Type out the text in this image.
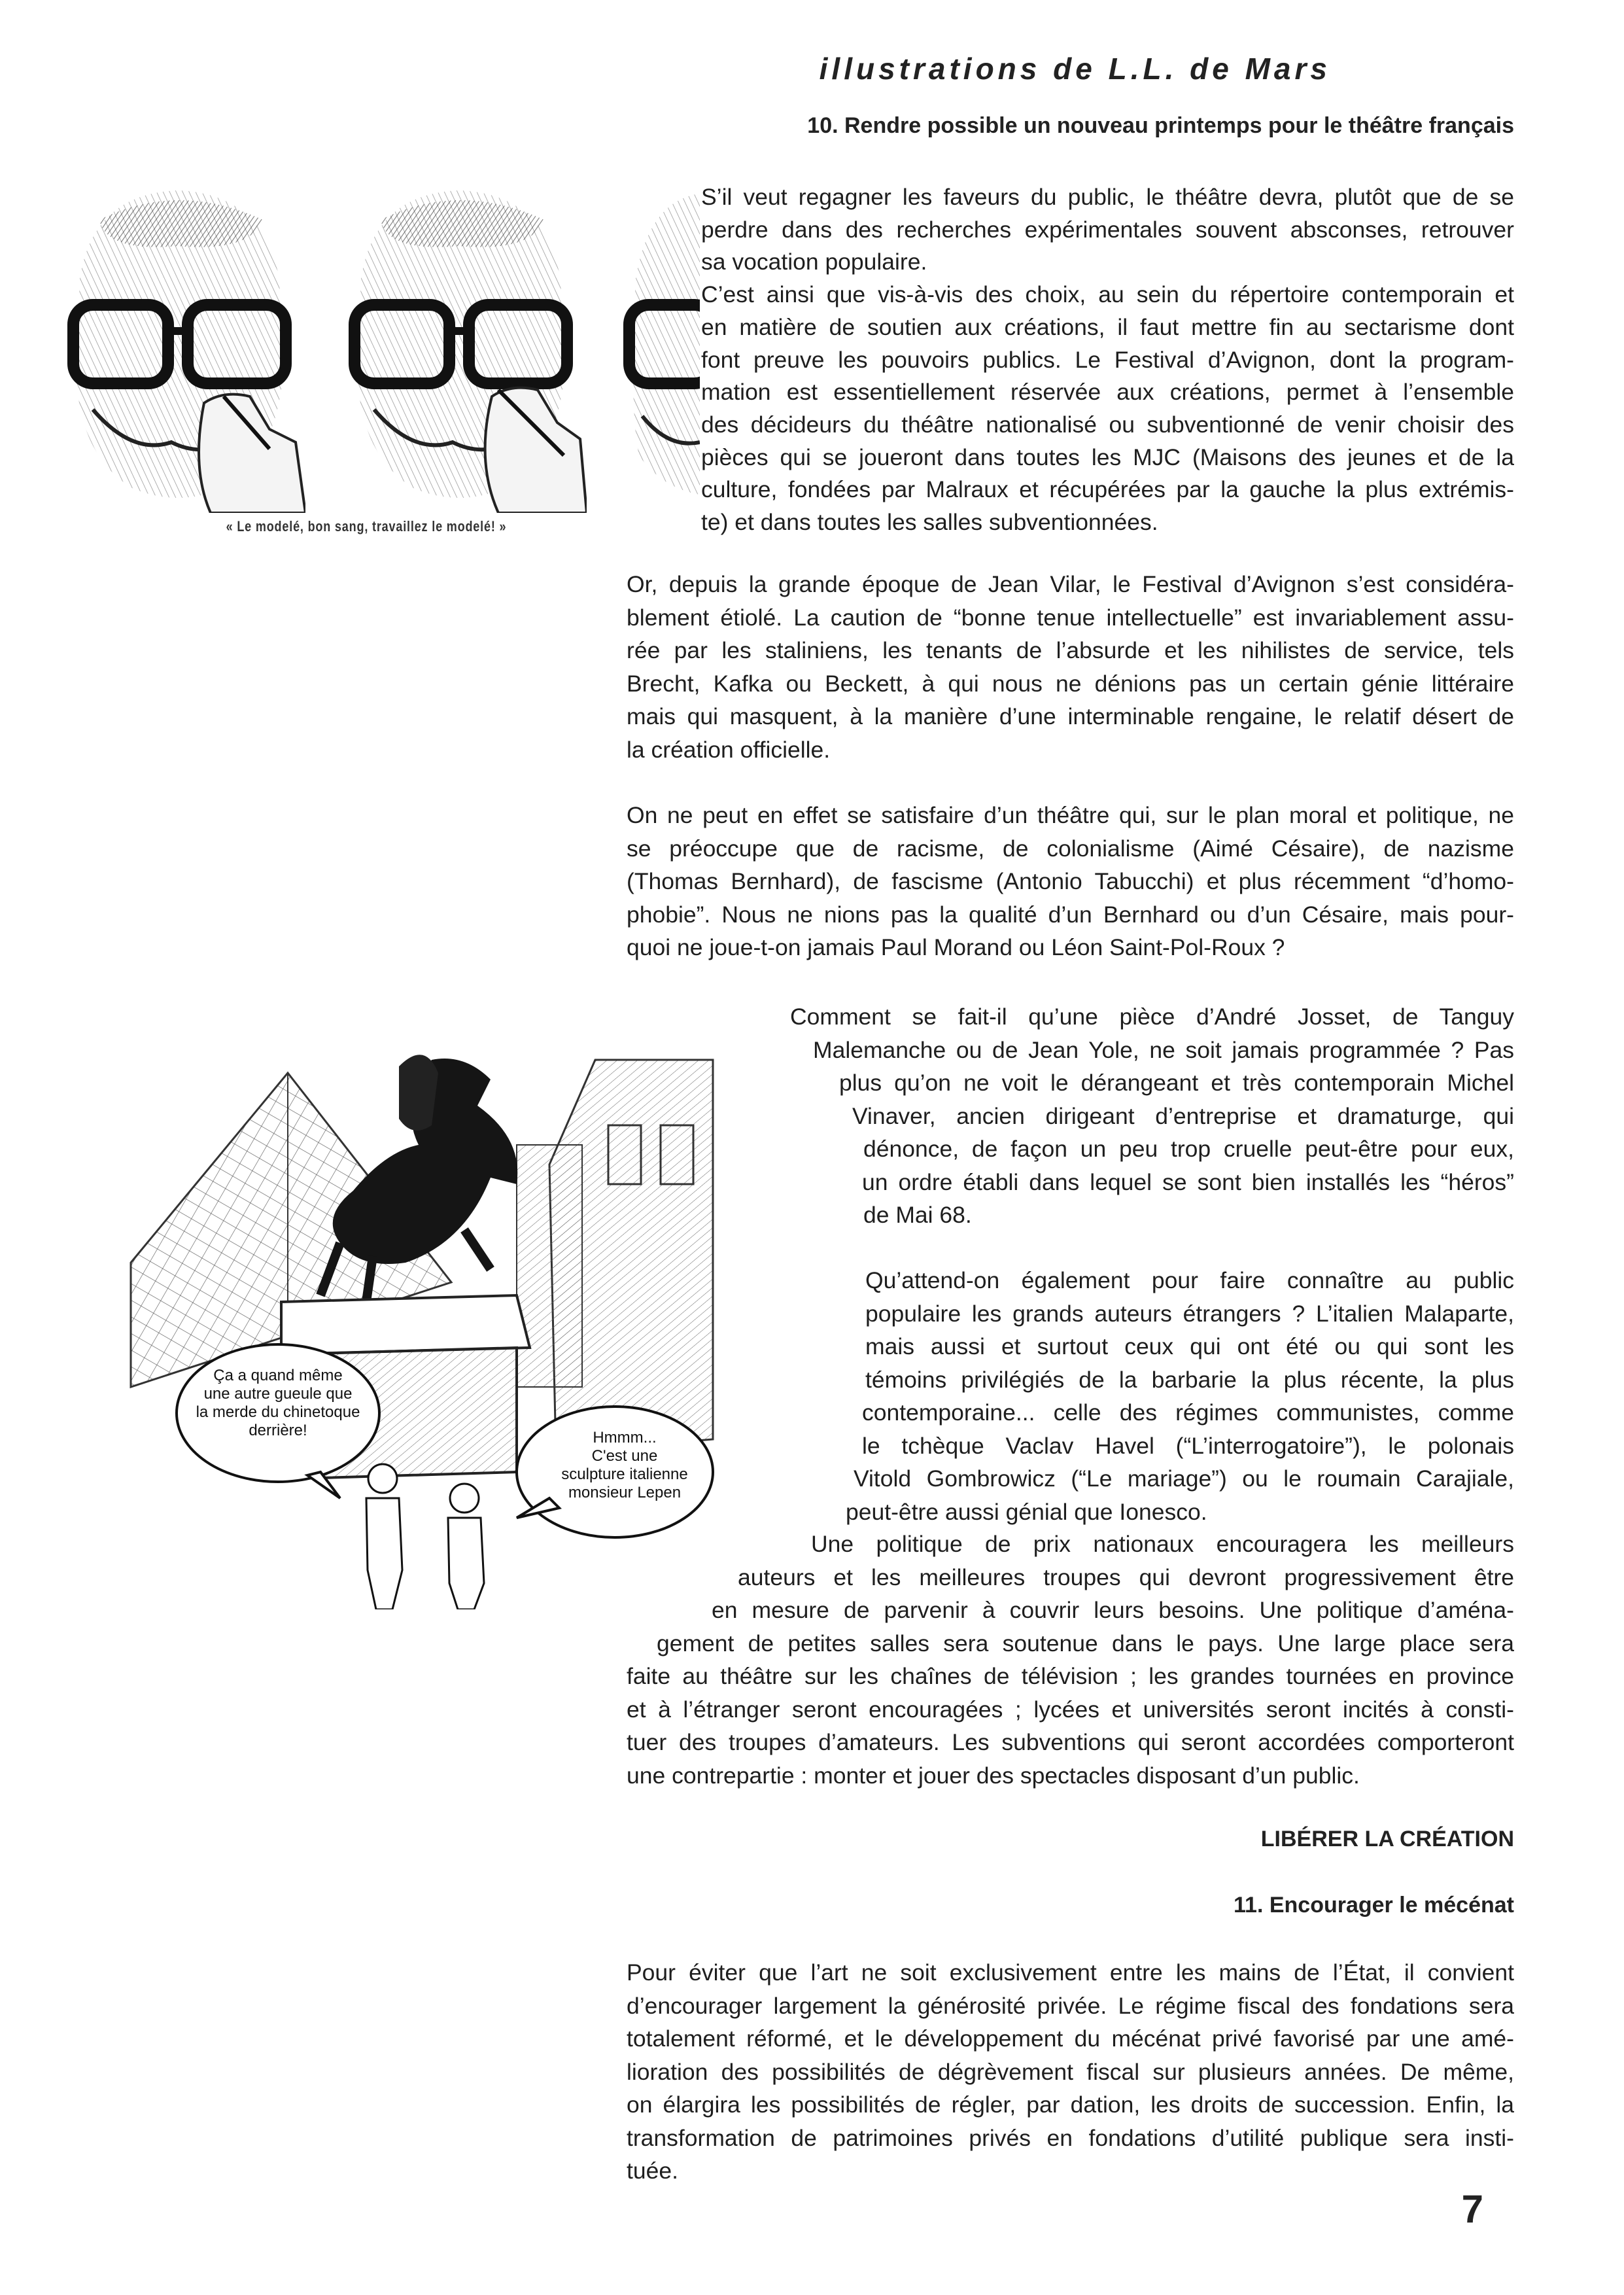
illustrations de L.L. de Mars
10. Rendre possible un nouveau printemps pour le théâtre français
« Le modelé, bon sang, travaillez le modelé! »
S’il veut regagner les faveurs du public, le théâtre devra, plutôt que de se
perdre dans des recherches expérimentales souvent absconses, retrouver
sa vocation populaire.
C’est ainsi que vis-à-vis des choix, au sein du répertoire contemporain et
en matière de soutien aux créations, il faut mettre fin au sectarisme dont
font preuve les pouvoirs publics. Le Festival d’Avignon, dont la program-
mation est essentiellement réservée aux créations, permet à l’ensemble
des décideurs du théâtre nationalisé ou subventionné de venir choisir des
pièces qui se joueront dans toutes les MJC (Maisons des jeunes et de la
culture, fondées par Malraux et récupérées par la gauche la plus extrémis-
te) et dans toutes les salles subventionnées.
Or, depuis la grande époque de Jean Vilar, le Festival d’Avignon s’est considéra-
blement étiolé. La caution de “bonne tenue intellectuelle” est invariablement assu-
rée par les staliniens, les tenants de l’absurde et les nihilistes de service, tels
Brecht, Kafka ou Beckett, à qui nous ne dénions pas un certain génie littéraire
mais qui masquent, à la manière d’une interminable rengaine, le relatif désert de
la création officielle.
On ne peut en effet se satisfaire d’un théâtre qui, sur le plan moral et politique, ne
se préoccupe que de racisme, de colonialisme (Aimé Césaire), de nazisme
(Thomas Bernhard), de fascisme (Antonio Tabucchi) et plus récemment “d’homo-
phobie”. Nous ne nions pas la qualité d’un Bernhard ou d’un Césaire, mais pour-
quoi ne joue-t-on jamais Paul Morand ou Léon Saint-Pol-Roux ?
Comment se fait-il qu’une pièce d’André Josset, de Tanguy
Malemanche ou de Jean Yole, ne soit jamais programmée ? Pas
plus qu’on ne voit le dérangeant et très contemporain Michel
Vinaver, ancien dirigeant d’entreprise et dramaturge, qui
dénonce, de façon un peu trop cruelle peut-être pour eux,
un ordre établi dans lequel se sont bien installés les “héros”
de Mai 68.
Qu’attend-on également pour faire connaître au public
populaire les grands auteurs étrangers ? L’italien Malaparte,
mais aussi et surtout ceux qui ont été ou qui sont les
témoins privilégiés de la barbarie la plus récente, la plus
contemporaine... celle des régimes communistes, comme
le tchèque Vaclav Havel (“L’interrogatoire”), le polonais
Vitold Gombrowicz (“Le mariage”) ou le roumain Carajiale,
peut-être aussi génial que Ionesco.
Une politique de prix nationaux encouragera les meilleurs
auteurs et les meilleures troupes qui devront progressivement être
en mesure de parvenir à couvrir leurs besoins. Une politique d’aména-
gement de petites salles sera soutenue dans le pays. Une large place sera
faite au théâtre sur les chaînes de télévision ; les grandes tournées en province
et à l’étranger seront encouragées ; lycées et universités seront incités à consti-
tuer des troupes d’amateurs. Les subventions qui seront accordées comporteront
une contrepartie : monter et jouer des spectacles disposant d’un public.
Ça a quand même
une autre gueule que
la merde du chinetoque
derrière!	Hmmm...
C'est une
sculpture italienne
monsieur Lepen
LIBÉRER LA CRÉATION
11. Encourager le mécénat
Pour éviter que l’art ne soit exclusivement entre les mains de l’État, il convient
d’encourager largement la générosité privée. Le régime fiscal des fondations sera
totalement réformé, et le développement du mécénat privé favorisé par une amé-
lioration des possibilités de dégrèvement fiscal sur plusieurs années. De même,
on élargira les possibilités de régler, par dation, les droits de succession. Enfin, la
transformation de patrimoines privés en fondations d’utilité publique sera insti-
tuée.
7
